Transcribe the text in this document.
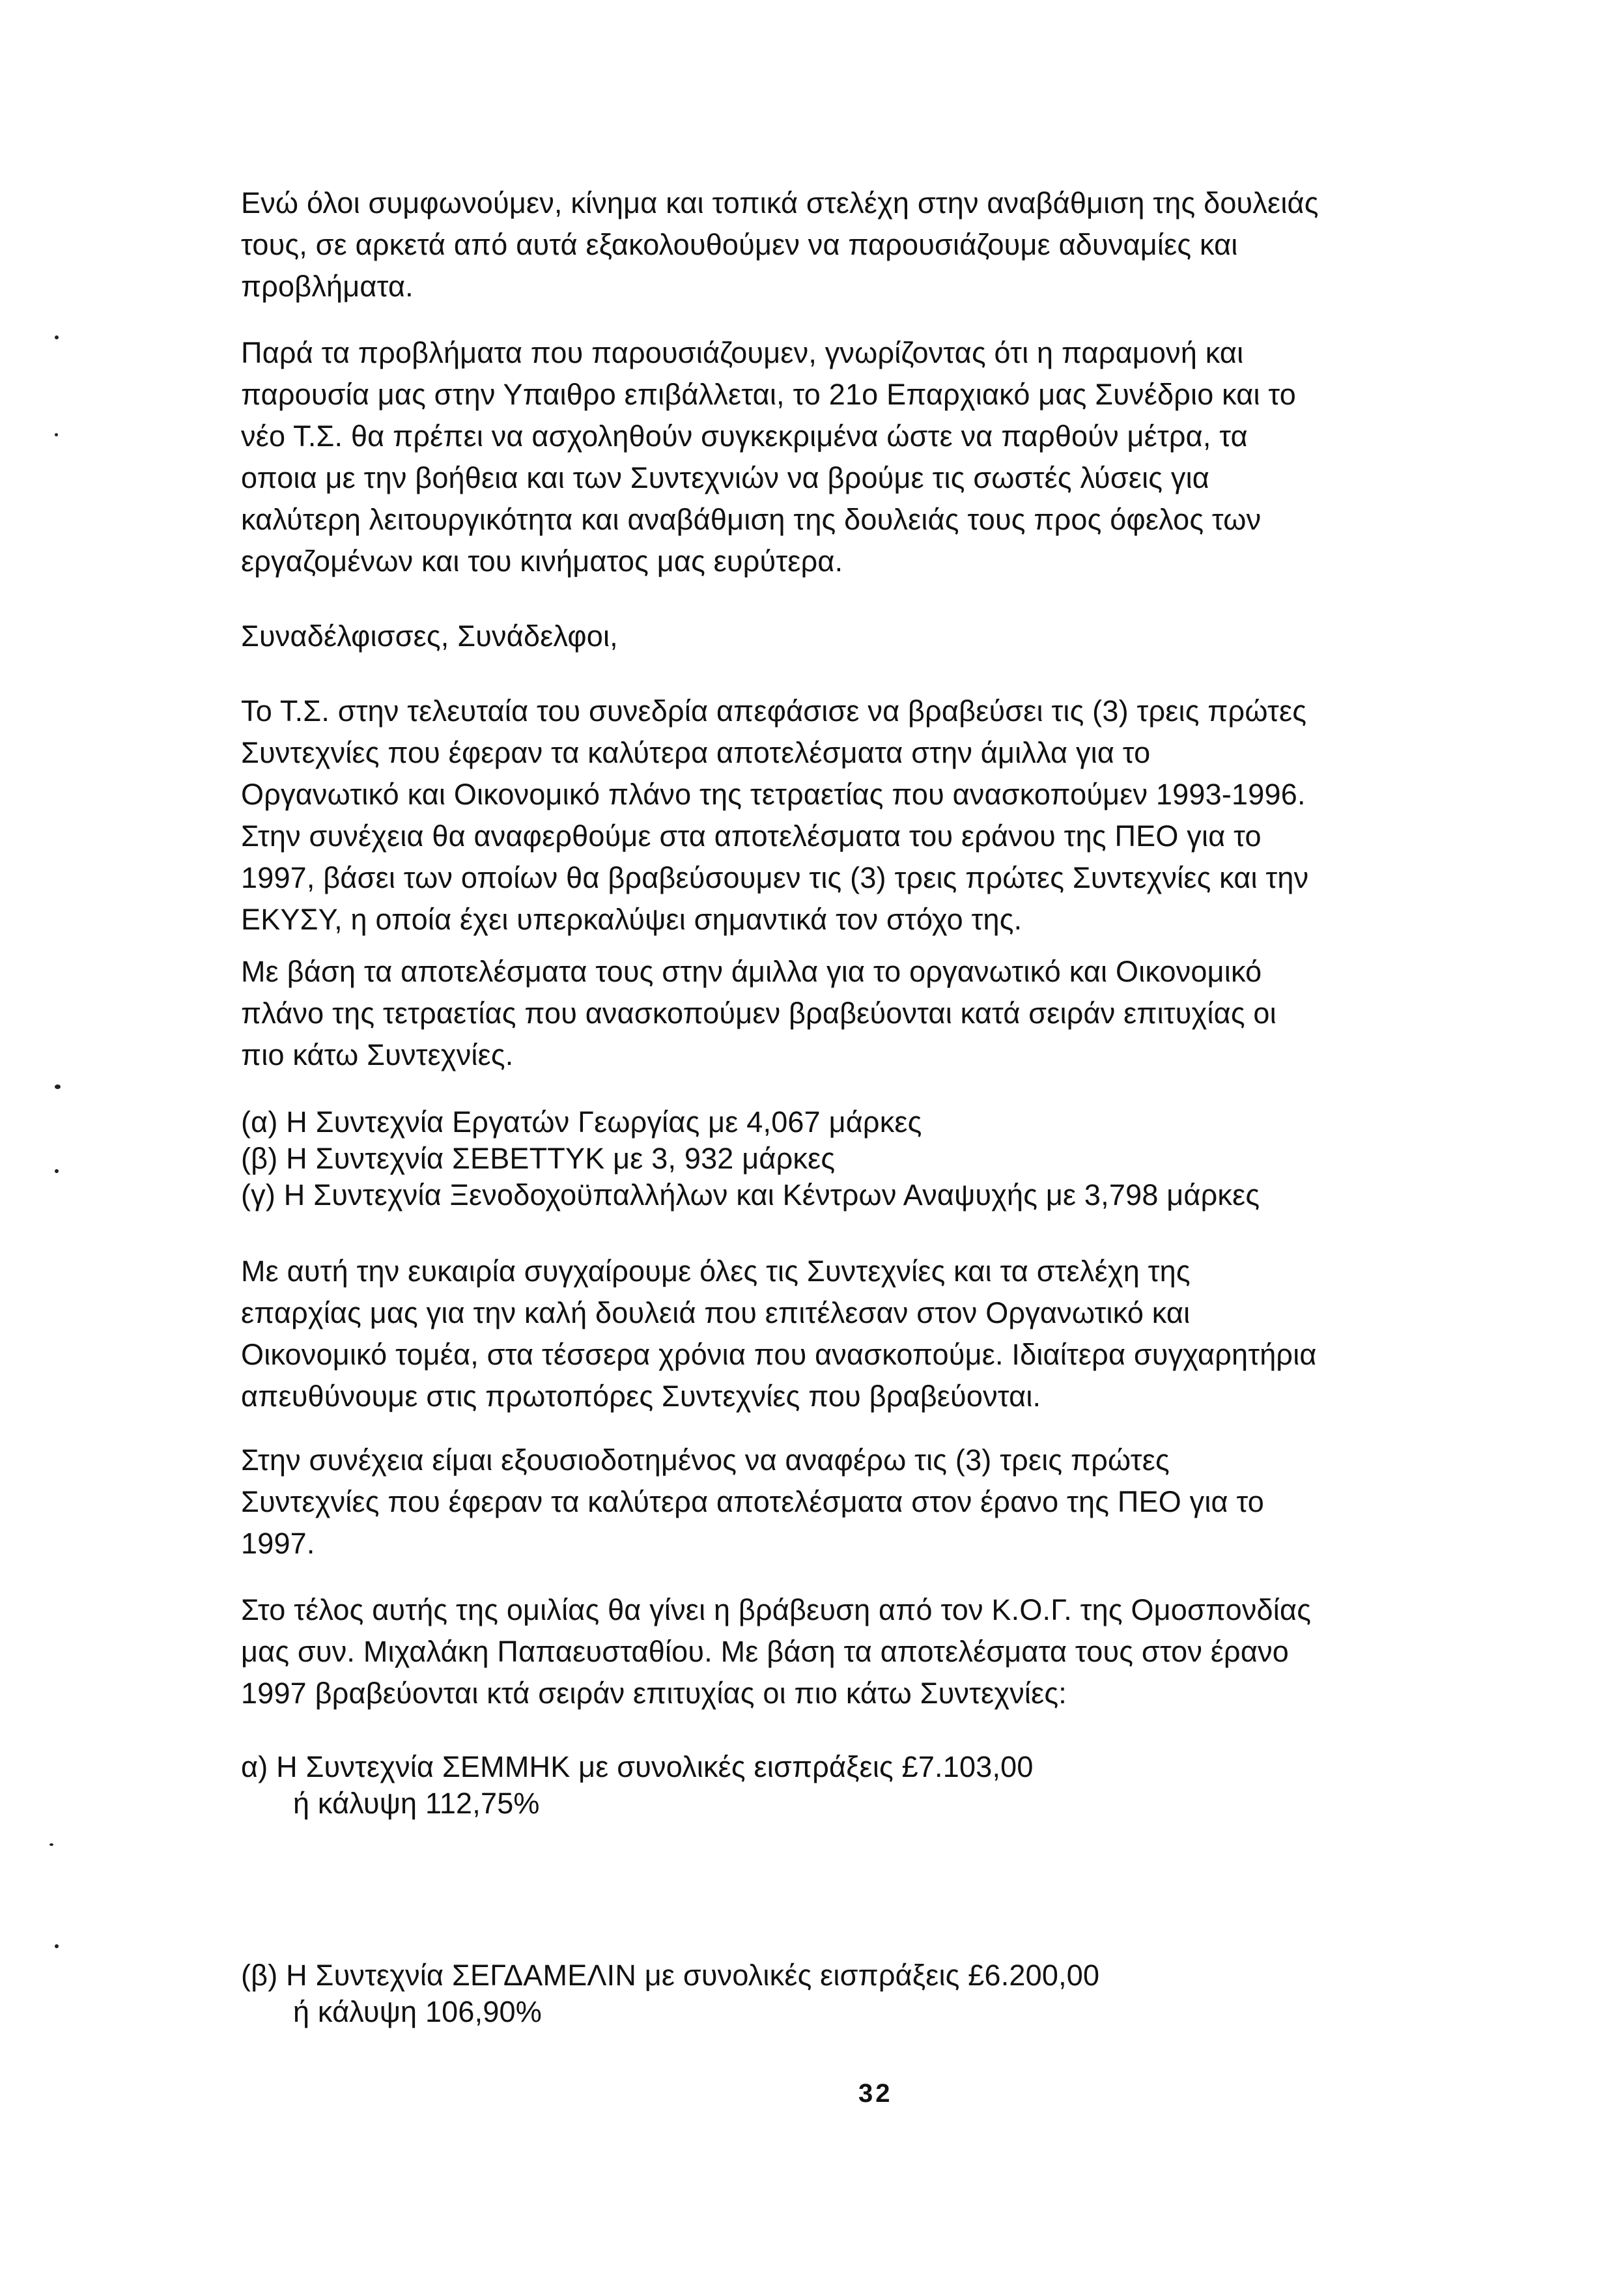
Ενώ όλοι συμφωνούμεν, κίνημα και τοπικά στελέχη στην αναβάθμιση της δουλειάς
τους, σε αρκετά από αυτά εξακολουθούμεν να παρουσιάζουμε αδυναμίες και
προβλήματα.
Παρά τα προβλήματα που παρουσιάζουμεν, γνωρίζοντας ότι η παραμονή και
παρουσία μας στην Υπαιθρο επιβάλλεται, το 21ο Επαρχιακό μας Συνέδριο και το
νέο Τ.Σ. θα πρέπει να ασχοληθούν συγκεκριμένα ώστε να παρθούν μέτρα, τα
οποια με την βοήθεια και των Συντεχνιών να βρούμε τις σωστές λύσεις για
καλύτερη λειτουργικότητα και αναβάθμιση της δουλειάς τους προς όφελος των
εργαζομένων και του κινήματος μας ευρύτερα.
Συναδέλφισσες, Συνάδελφοι,
Το Τ.Σ. στην τελευταία του συνεδρία απεφάσισε να βραβεύσει τις (3) τρεις πρώτες
Συντεχνίες που έφεραν τα καλύτερα αποτελέσματα στην άμιλλα για το
Οργανωτικό και Οικονομικό πλάνο της τετραετίας που ανασκοπούμεν 1993-1996.
Στην συνέχεια θα αναφερθούμε στα αποτελέσματα του εράνου της ΠΕΟ για το
1997, βάσει των οποίων θα βραβεύσουμεν τις (3) τρεις πρώτες Συντεχνίες και την
ΕΚΥΣΥ, η οποία έχει υπερκαλύψει σημαντικά τον στόχο της.
Με βάση τα αποτελέσματα τους στην άμιλλα για το οργανωτικό και Οικονομικό
πλάνο της τετραετίας που ανασκοπούμεν βραβεύονται κατά σειράν επιτυχίας οι
πιο κάτω Συντεχνίες.
(α) Η Συντεχνία Εργατών Γεωργίας με 4,067 μάρκες
(β) Η Συντεχνία ΣΕΒΕΤΤΥΚ με 3, 932 μάρκες
(γ) Η Συντεχνία Ξενοδοχοϋπαλλήλων και Κέντρων Αναψυχής με 3,798 μάρκες
Με αυτή την ευκαιρία συγχαίρουμε όλες τις Συντεχνίες και τα στελέχη της
επαρχίας μας για την καλή δουλειά που επιτέλεσαν στον Οργανωτικό και
Οικονομικό τομέα, στα τέσσερα χρόνια που ανασκοπούμε. Ιδιαίτερα συγχαρητήρια
απευθύνουμε στις πρωτοπόρες Συντεχνίες που βραβεύονται.
Στην συνέχεια είμαι εξουσιοδοτημένος να αναφέρω τις (3) τρεις πρώτες
Συντεχνίες που έφεραν τα καλύτερα αποτελέσματα στον έρανο της ΠΕΟ για το
1997.
Στο τέλος αυτής της ομιλίας θα γίνει η βράβευση από τον Κ.Ο.Γ. της Ομοσπονδίας
μας συν. Μιχαλάκη Παπαευσταθίου. Με βάση τα αποτελέσματα τους στον έρανο
1997 βραβεύονται κτά σειράν επιτυχίας οι πιο κάτω Συντεχνίες:
α) Η Συντεχνία ΣΕΜΜΗΚ με συνολικές εισπράξεις £7.103,00
ή κάλυψη 112,75%
(β) Η Συντεχνία ΣΕΓΔΑΜΕΛΙΝ με συνολικές εισπράξεις £6.200,00
ή κάλυψη 106,90%
32
